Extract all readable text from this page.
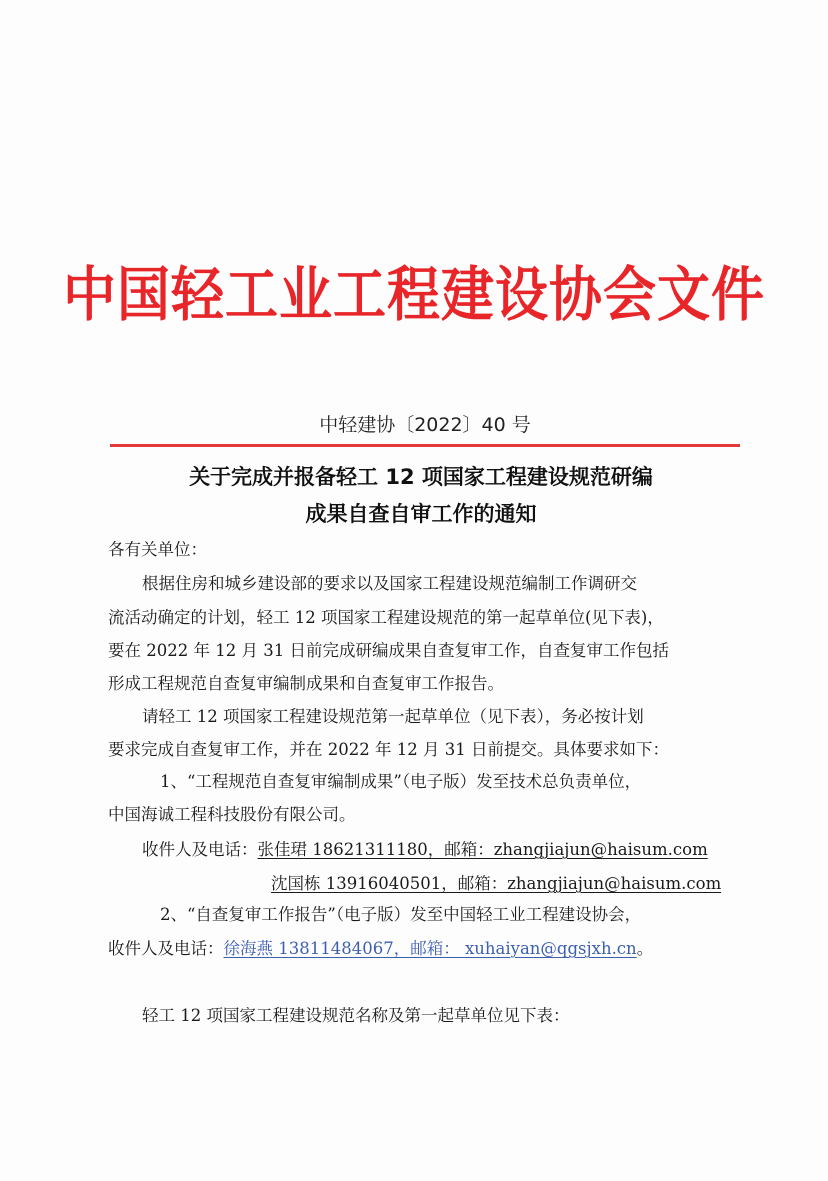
中国轻工业工程建设协会文件
中轻建协〔2022〕40 号
关于完成并报备轻工 12 项国家工程建设规范研编
成果自查自审工作的通知
各有关单位：
根据住房和城乡建设部的要求以及国家工程建设规范编制工作调研交
流活动确定的计划，轻工 12 项国家工程建设规范的第一起草单位(见下表)，
要在 2022 年 12 月 31 日前完成研编成果自查复审工作，自查复审工作包括
形成工程规范自查复审编制成果和自查复审工作报告。
请轻工 12 项国家工程建设规范第一起草单位（见下表），务必按计划
要求完成自查复审工作，并在 2022 年 12 月 31 日前提交。具体要求如下：
1、“工程规范自查复审编制成果”（电子版）发至技术总负责单位，
中国海诚工程科技股份有限公司。
收件人及电话：张佳珺 18621311180，邮箱：zhangjiajun@haisum.com
沈国栋 13916040501，邮箱：zhangjiajun@haisum.com
2、“自查复审工作报告”（电子版）发至中国轻工业工程建设协会，
收件人及电话：徐海燕 13811484067，邮箱： xuhaiyan@qgsjxh.cn。
轻工 12 项国家工程建设规范名称及第一起草单位见下表：
